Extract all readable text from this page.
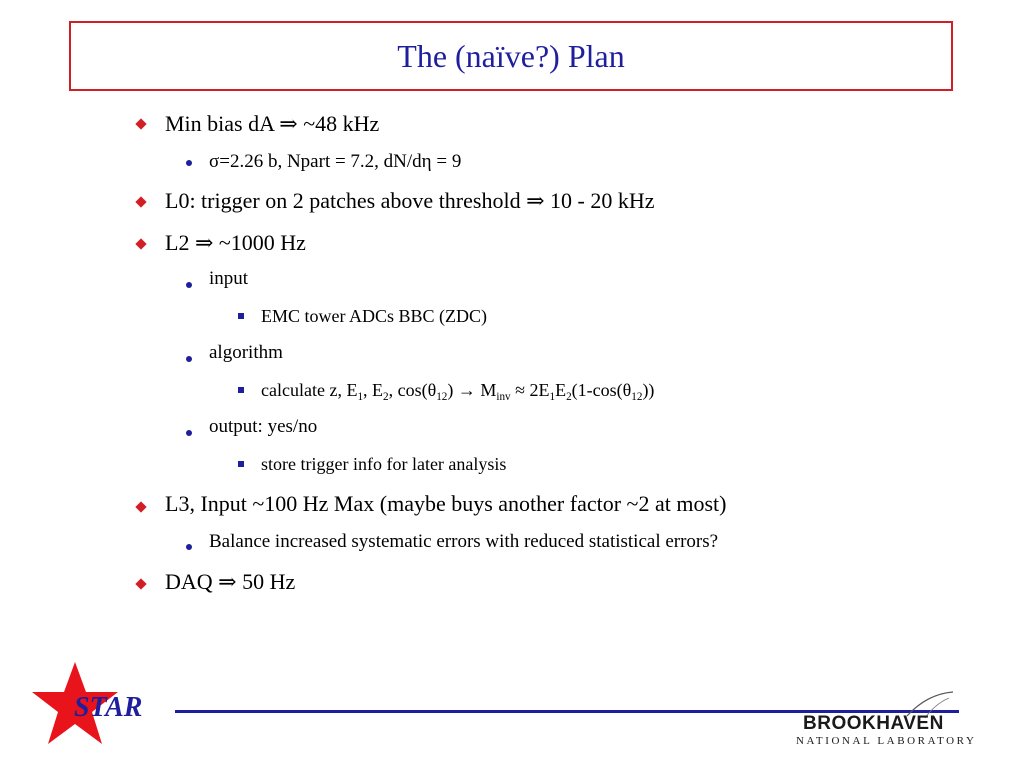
The (naïve?) Plan
Min bias dA ⇒ ~48 kHz
σ=2.26 b, Npart = 7.2, dN/dη = 9
L0: trigger on 2 patches above threshold ⇒ 10 - 20 kHz
L2 ⇒ ~1000 Hz
input
EMC tower ADCs BBC (ZDC)
algorithm
calculate z, $E_1$, $E_2$, $\cos(\theta_{12}) \to M_{inv} \approx 2E_1E_2(1-\cos(\theta_{12}))$
output: yes/no
store trigger info for later analysis
L3, Input ~100 Hz Max (maybe buys another factor ~2 at most)
Balance increased systematic errors with reduced statistical errors?
DAQ ⇒ 50 Hz
STAR
BROOKHAVEN
NATIONAL LABORATORY
